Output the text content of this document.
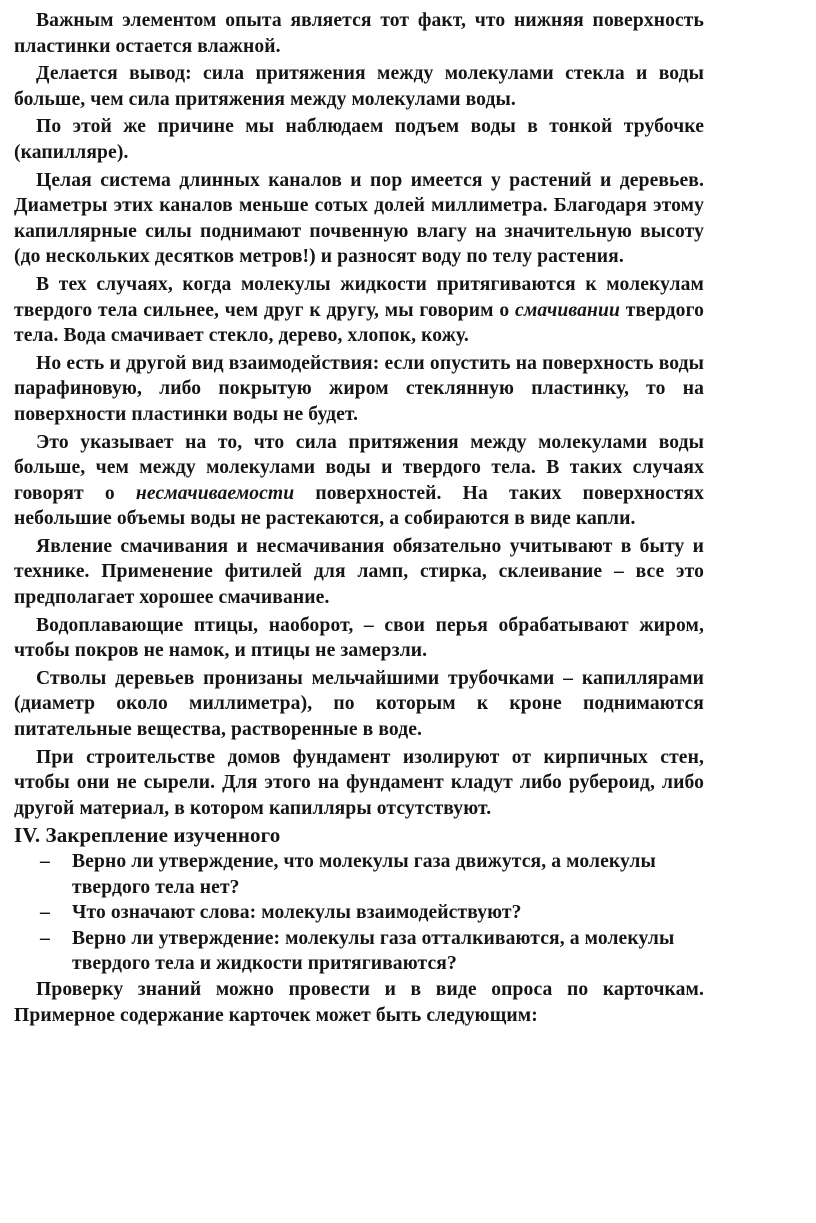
Важным элементом опыта является тот факт, что нижняя поверхность пластинки остается влажной.

Делается вывод: сила притяжения между молекулами стекла и воды больше, чем сила притяжения между молекулами воды.

По этой же причине мы наблюдаем подъем воды в тонкой трубочке (капилляре).

Целая система длинных каналов и пор имеется у растений и деревьев. Диаметры этих каналов меньше сотых долей миллиметра. Благодаря этому капиллярные силы поднимают почвенную влагу на значительную высоту (до нескольких десятков метров!) и разносят воду по телу растения.

В тех случаях, когда молекулы жидкости притягиваются к молекулам твердого тела сильнее, чем друг к другу, мы говорим о смачивании твердого тела. Вода смачивает стекло, дерево, хлопок, кожу.

Но есть и другой вид взаимодействия: если опустить на поверхность воды парафиновую, либо покрытую жиром стеклянную пластинку, то на поверхности пластинки воды не будет.

Это указывает на то, что сила притяжения между молекулами воды больше, чем между молекулами воды и твердого тела. В таких случаях говорят о несмачиваемости поверхностей. На таких поверхностях небольшие объемы воды не растекаются, а собираются в виде капли.

Явление смачивания и несмачивания обязательно учитывают в быту и технике. Применение фитилей для ламп, стирка, склеивание – все это предполагает хорошее смачивание.

Водоплавающие птицы, наоборот, – свои перья обрабатывают жиром, чтобы покров не намок, и птицы не замерзли.

Стволы деревьев пронизаны мельчайшими трубочками – капиллярами (диаметр около миллиметра), по которым к кроне поднимаются питательные вещества, растворенные в воде.

При строительстве домов фундамент изолируют от кирпичных стен, чтобы они не сырели. Для этого на фундамент кладут либо рубероид, либо другой материал, в котором капилляры отсутствуют.

IV. Закрепление изученного
– Верно ли утверждение, что молекулы газа движутся, а молекулы твердого тела нет?
– Что означают слова: молекулы взаимодействуют?
– Верно ли утверждение: молекулы газа отталкиваются, а молекулы твердого тела и жидкости притягиваются?

Проверку знаний можно провести и в виде опроса по карточкам. Примерное содержание карточек может быть следующим:
